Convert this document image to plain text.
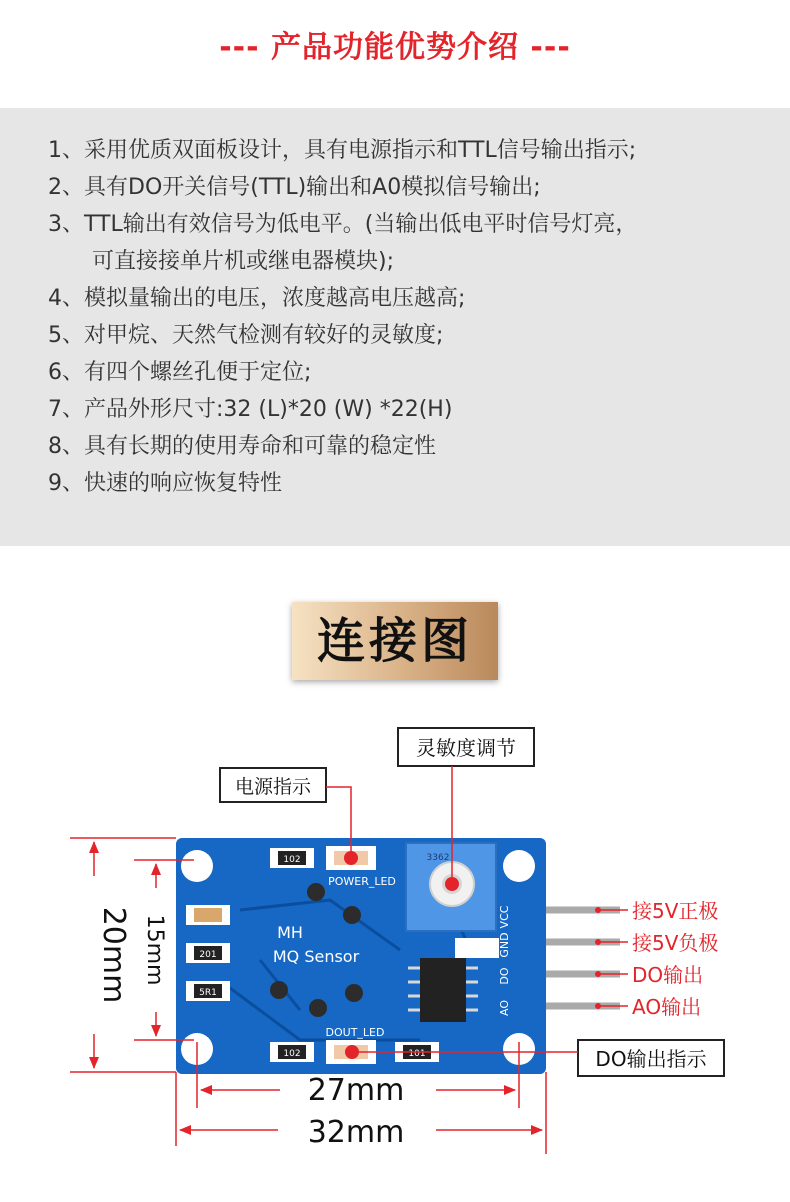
--- 产品功能优势介绍 ---
1、采用优质双面板设计，具有电源指示和TTL信号输出指示;
2、具有DO开关信号(TTL)输出和A0模拟信号输出;
3、TTL输出有效信号为低电平。(当输出低电平时信号灯亮，
可直接接单片机或继电器模块);
4、模拟量输出的电压，浓度越高电压越高;
5、对甲烷、天然气检测有较好的灵敏度;
6、有四个螺丝孔便于定位;
7、产品外形尺寸:32 (L)*20 (W) *22(H)
8、具有长期的使用寿命和可靠的稳定性
9、快速的响应恢复特性
连接图
102
201
5R1
102	101
POWER_LED
DOUT_LED
MH
MQ Sensor
3362
VCC
GND
DO
AO
灵敏度调节
电源指示
DO输出指示
接5V正极
接5V负极
DO输出
AO输出
20mm 15mm
27mm
32mm
